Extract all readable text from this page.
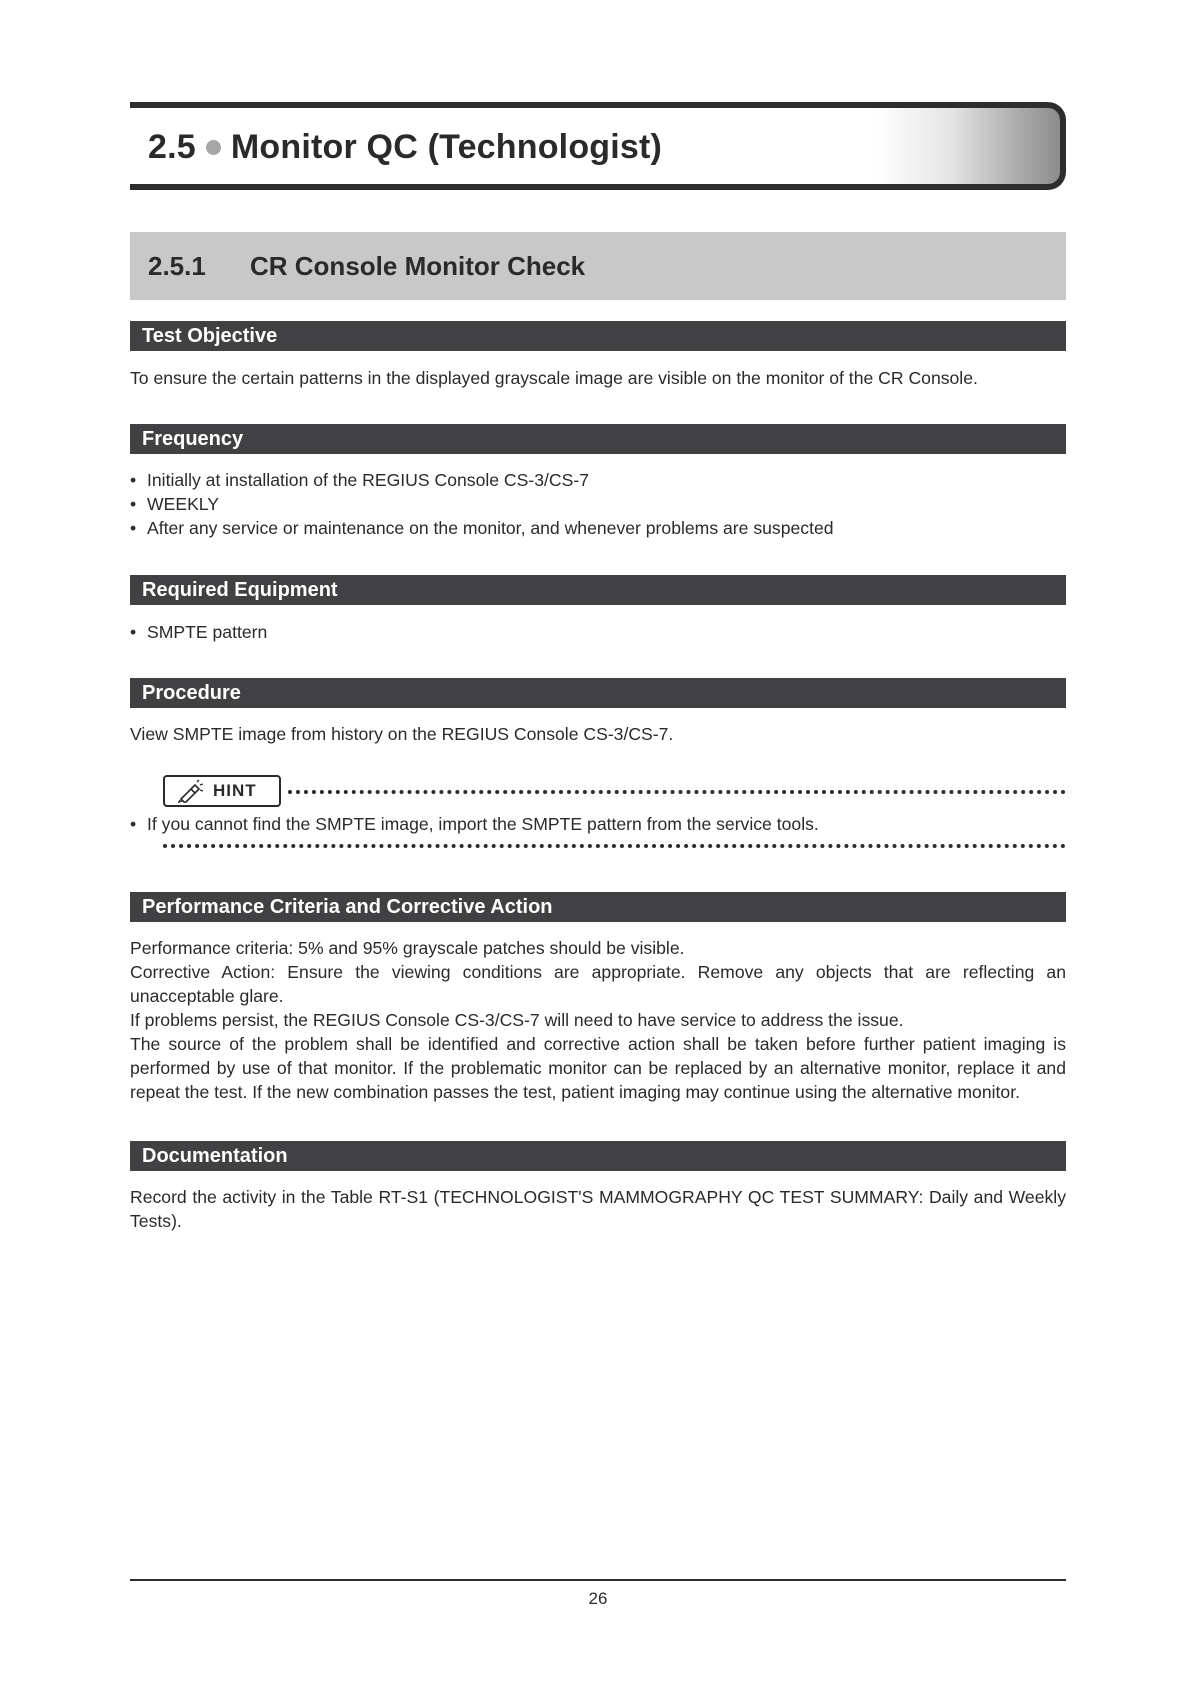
2.5 Monitor QC (Technologist)
2.5.1 CR Console Monitor Check
Test Objective
To ensure the certain patterns in the displayed grayscale image are visible on the monitor of the CR Console.
Frequency
• Initially at installation of the REGIUS Console CS-3/CS-7
• WEEKLY
• After any service or maintenance on the monitor, and whenever problems are suspected
Required Equipment
• SMPTE pattern
Procedure
View SMPTE image from history on the REGIUS Console CS-3/CS-7.
HINT
• If you cannot find the SMPTE image, import the SMPTE pattern from the service tools.
Performance Criteria and Corrective Action
Performance criteria: 5% and 95% grayscale patches should be visible.
Corrective Action: Ensure the viewing conditions are appropriate. Remove any objects that are reflecting an unacceptable glare.
If problems persist, the REGIUS Console CS-3/CS-7 will need to have service to address the issue.
The source of the problem shall be identified and corrective action shall be taken before further patient imaging is performed by use of that monitor. If the problematic monitor can be replaced by an alternative monitor, replace it and repeat the test. If the new combination passes the test, patient imaging may continue using the alternative monitor.
Documentation
Record the activity in the Table RT-S1 (TECHNOLOGIST'S MAMMOGRAPHY QC TEST SUMMARY: Daily and Weekly Tests).
26
